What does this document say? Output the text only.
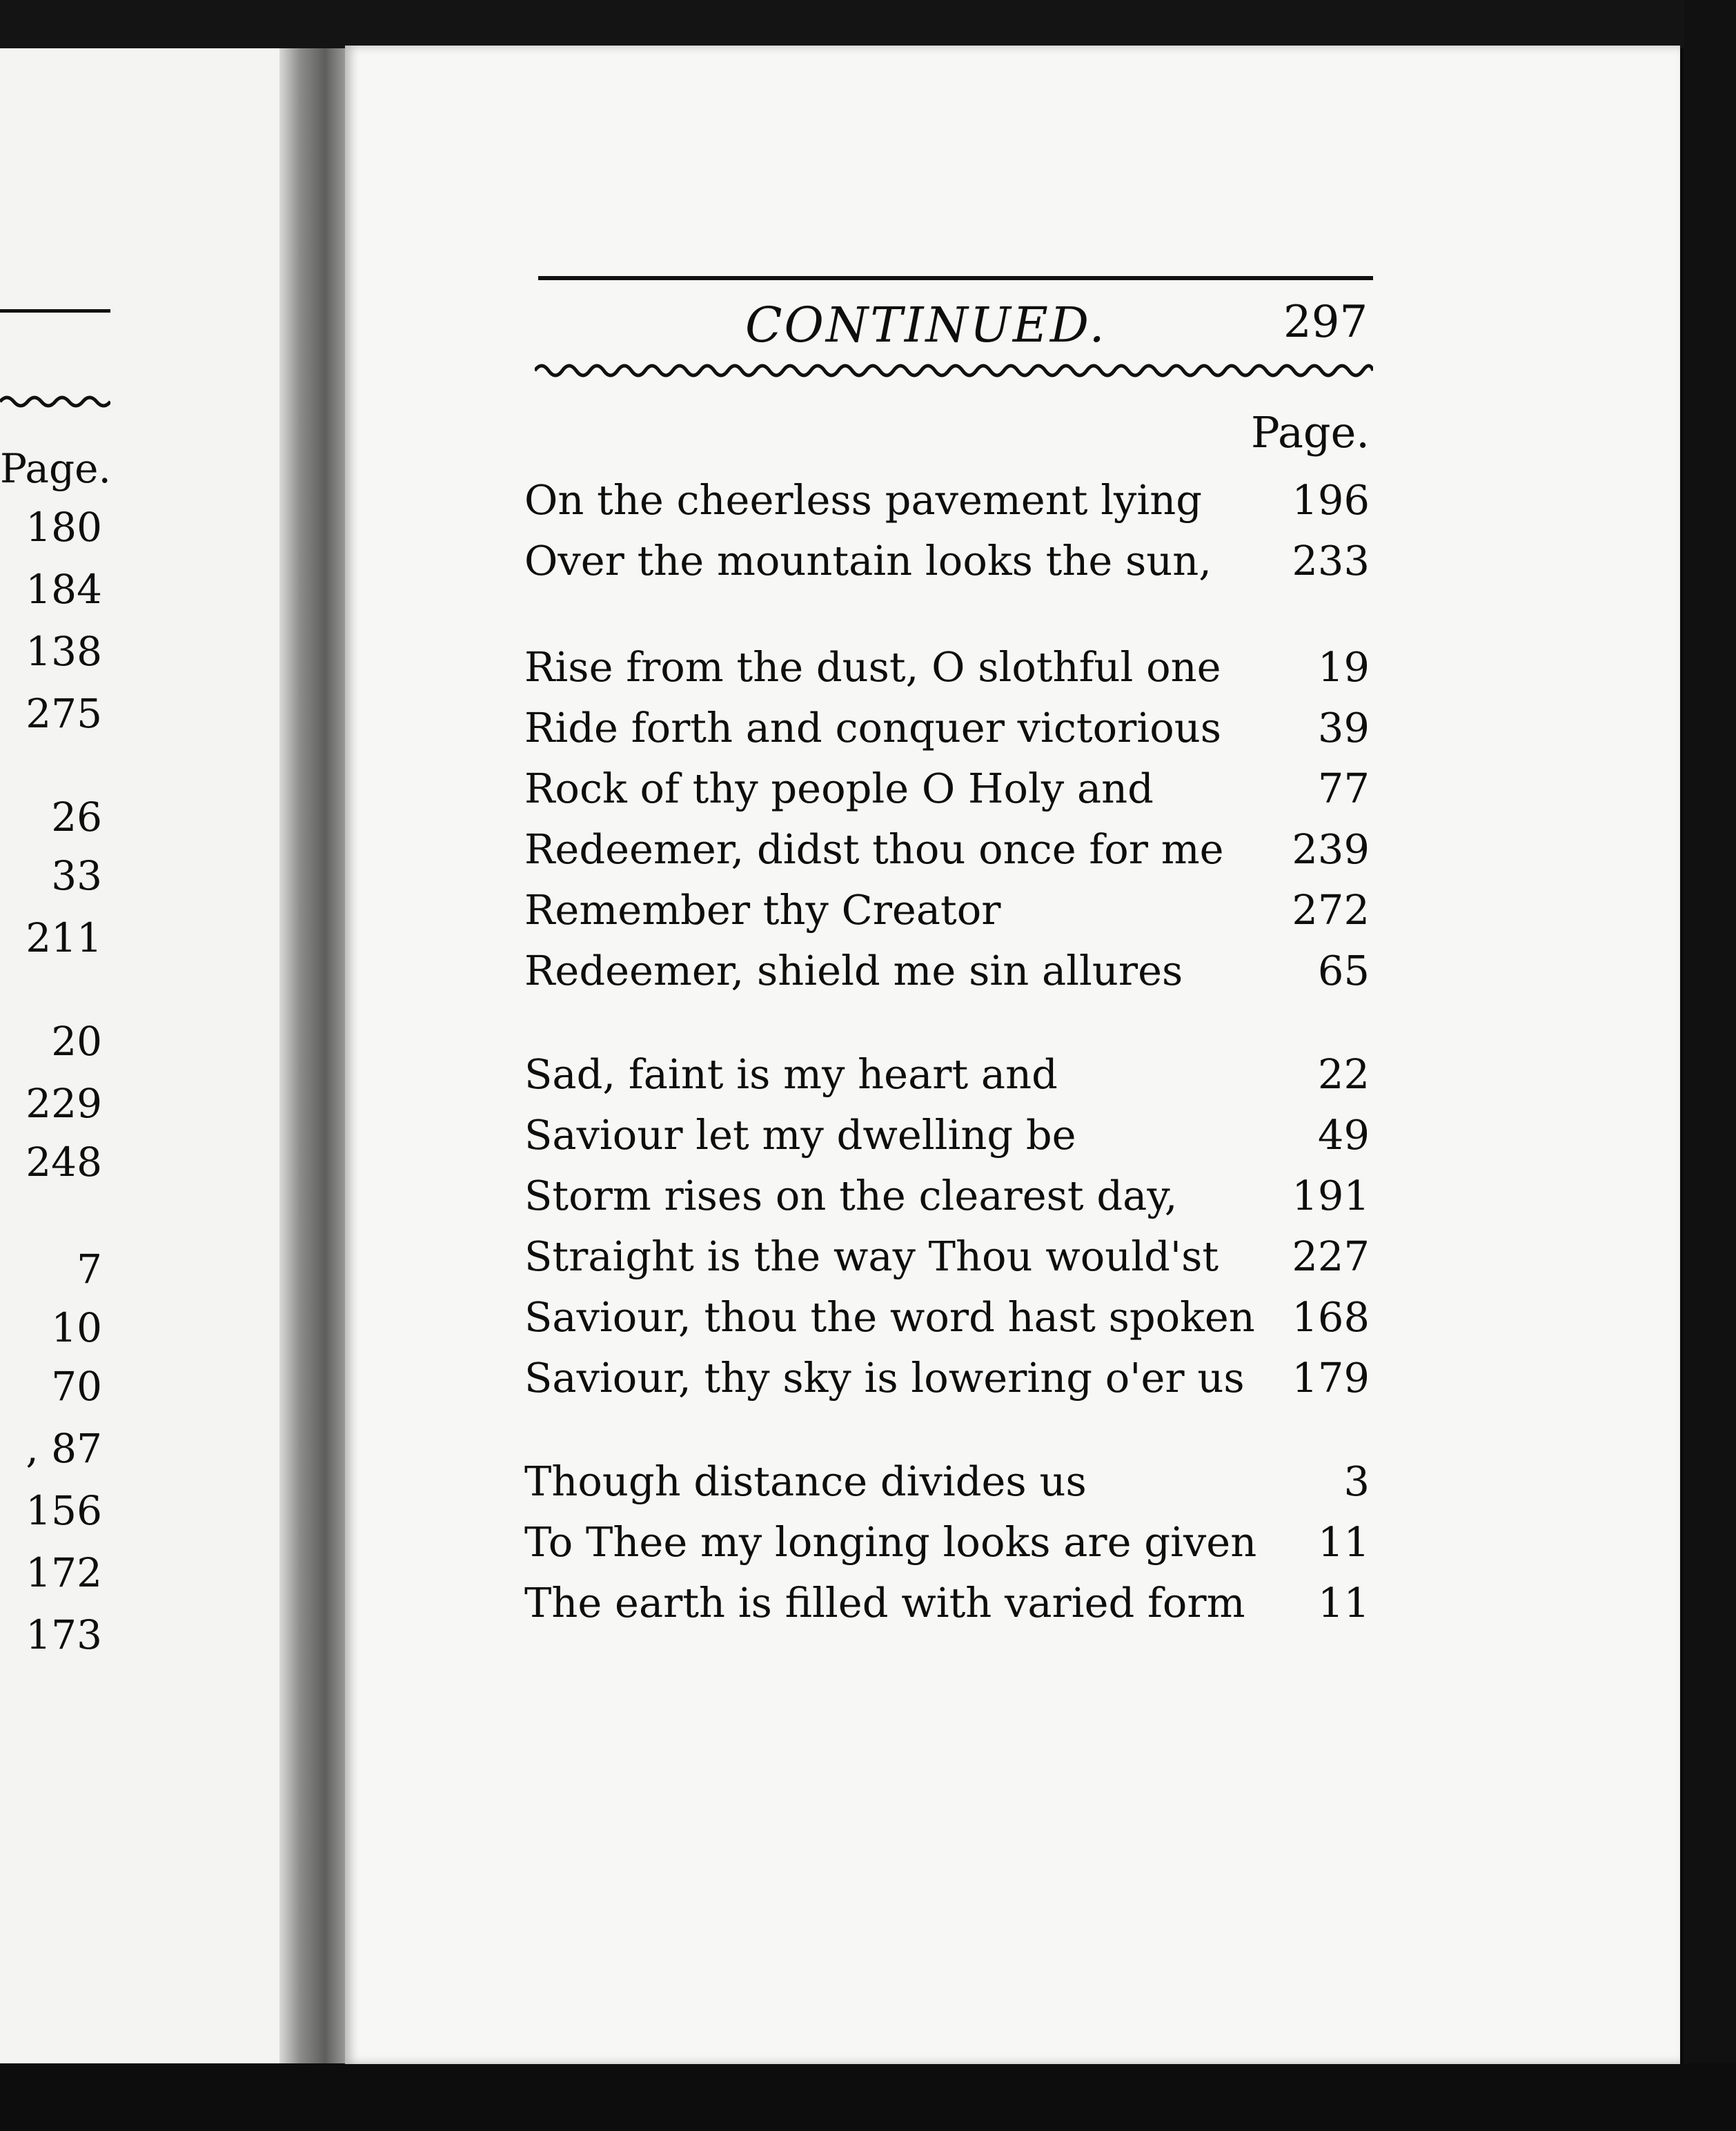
Page.
180
184
138
275
26
33
211
20
229
248
7
10
70
, 87
156
172
173
CONTINUED.	297
Page.
On the cheerless pavement lying 196
Over the mountain looks the sun, 233
Rise from the dust, O slothful one 19
Ride forth and conquer victorious 39
Rock of thy people O Holy and	77
Redeemer, didst thou once for me 239
Remember thy Creator	272
Redeemer, shield me sin allures	65
Sad, faint is my heart and	22
Saviour let my dwelling be	49
Storm rises on the clearest day,	191
Straight is the way Thou would'st 227
Saviour, thou the word hast spoken 168
Saviour, thy sky is lowering o'er us 179
Though distance divides us	3
To Thee my longing looks are given 11
The earth is filled with varied form 11
